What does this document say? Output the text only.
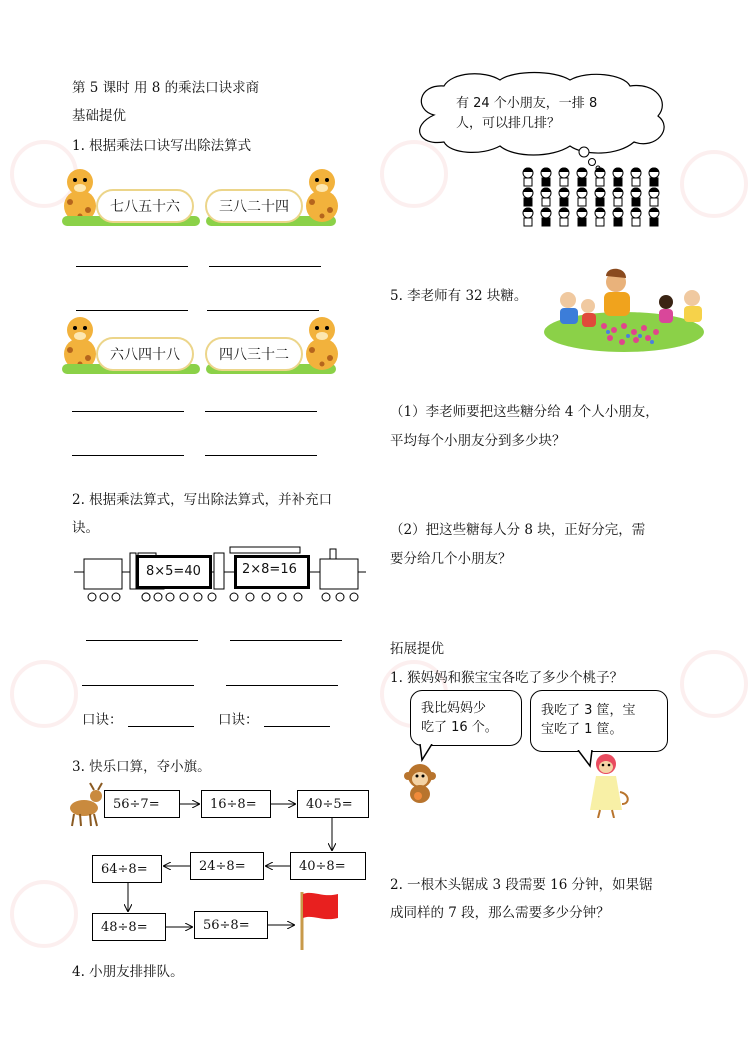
第 5 课时 用 8 的乘法口诀求商
基础提优
1. 根据乘法口诀写出除法算式
七八五十六	三八二十四
六八四十八	四八三十二
2. 根据乘法算式，写出除法算式，并补充口
诀。
8×5=40	2×8=16
口诀：	口诀：
3. 快乐口算，夺小旗。
56÷7=	16÷8=	40÷5=
40÷8=
24÷8=
64÷8=
48÷8=	56÷8=
4. 小朋友排排队。
有 24 个小朋友，一排 8
人，可以排几排？
5. 李老师有 32 块糖。
（1）李老师要把这些糖分给 4 个人小朋友，
平均每个小朋友分到多少块？
（2）把这些糖每人分 8 块，正好分完，需
要分给几个小朋友？
拓展提优
1. 猴妈妈和猴宝宝各吃了多少个桃子？
我比妈妈少
吃了 16 个。
我吃了 3 筐，宝
宝吃了 1 筐。
2. 一根木头锯成 3 段需要 16 分钟，如果锯
成同样的 7 段，那么需要多少分钟？
